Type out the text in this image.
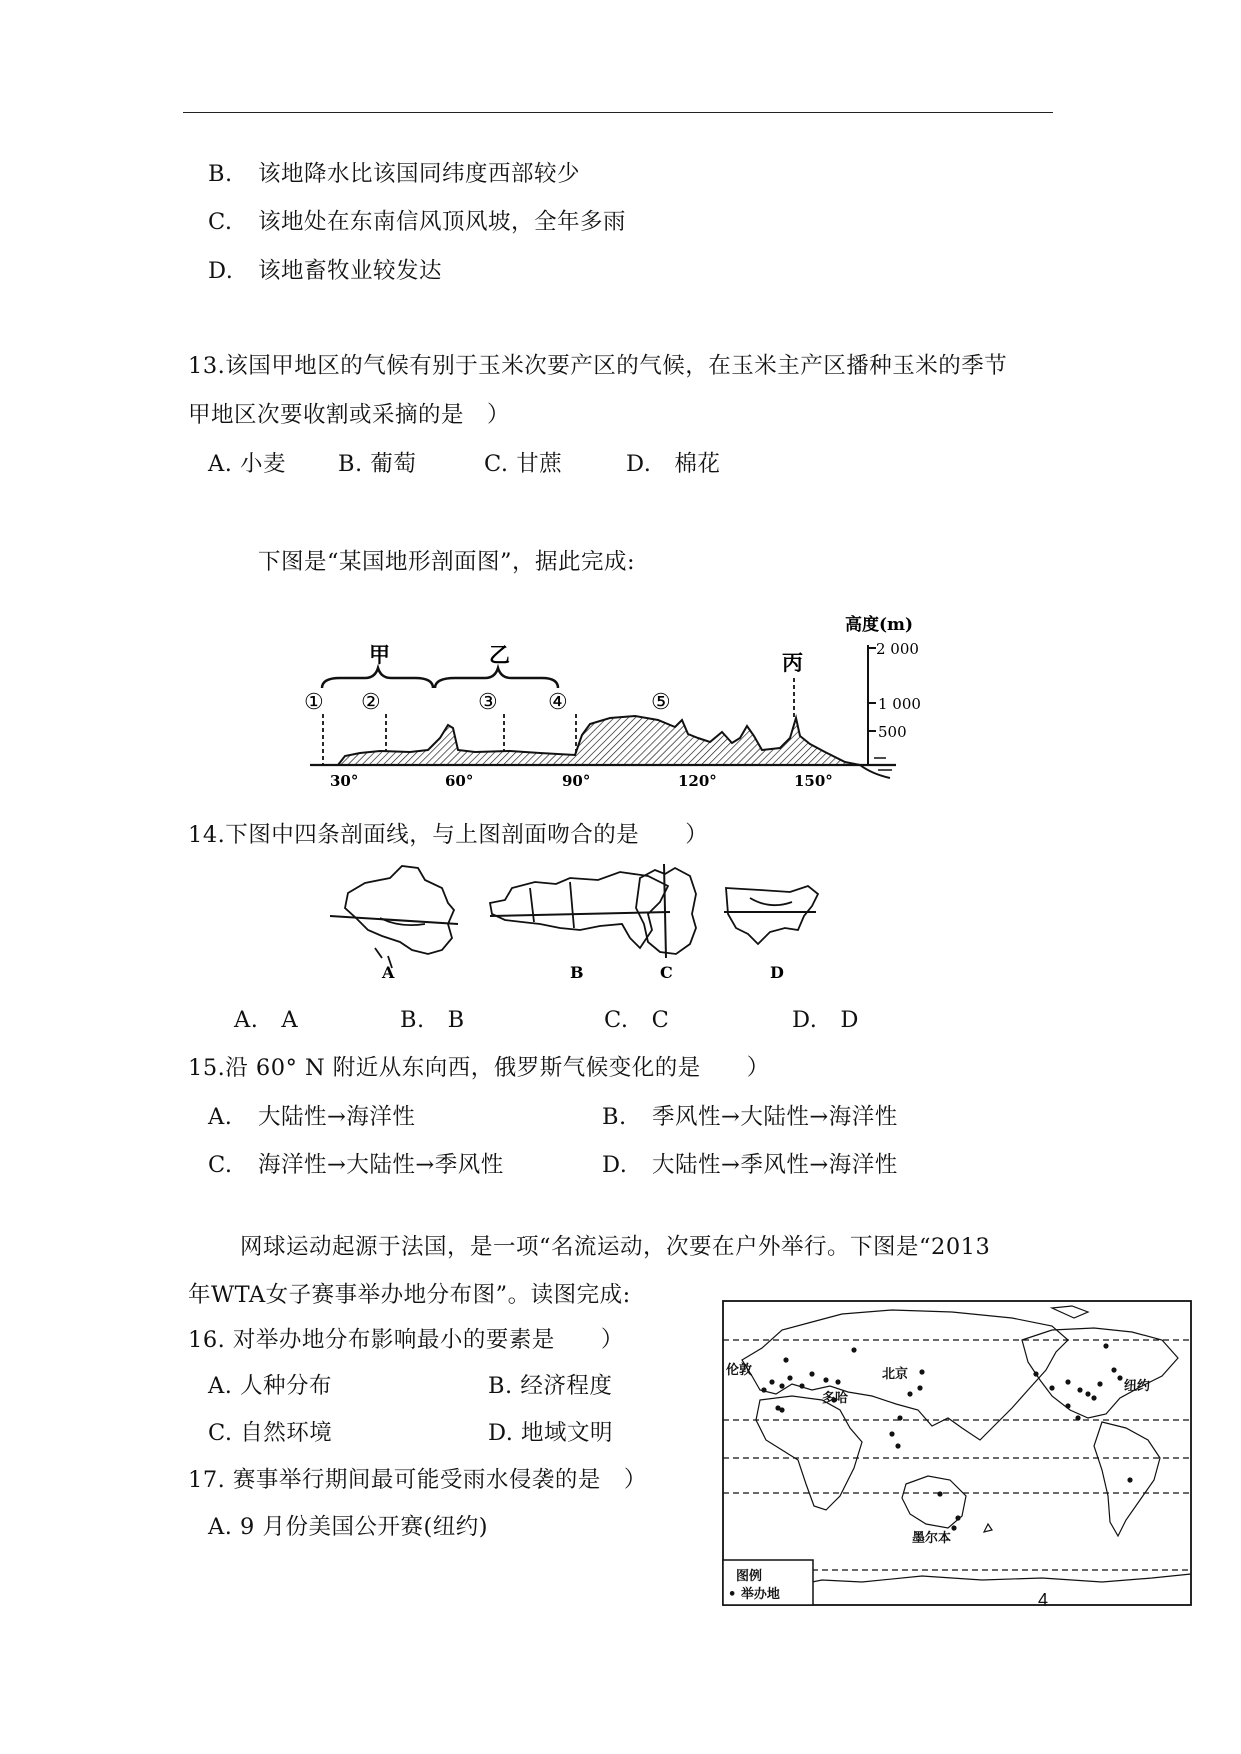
B. 该地降水比该国同纬度西部较少
C. 该地处在东南信风顶风坡，全年多雨
D. 该地畜牧业较发达
13.该国甲地区的气候有别于玉米次要产区的气候，在玉米主产区播种玉米的季节
甲地区次要收割或采摘的是　）
A. 小麦 B. 葡萄	C. 甘蔗	D.　棉花
下图是“某国地形剖面图”，据此完成:
高度(m)
2 000
1 000
500
甲	乙	丙
① ②	③ ④	⑤
30°	60°	90°	120°	150°
14.下图中四条剖面线，与上图剖面吻合的是　　）
A	B	C	D
A.　A	B.　B	C.　C	D.　D
15.沿 60° N 附近从东向西，俄罗斯气候变化的是　　）
A. 大陆性→海洋性	B. 季风性→大陆性→海洋性
C. 海洋性→大陆性→季风性	D. 大陆性→季风性→海洋性
网球运动起源于法国，是一项“名流运动，次要在户外举行。下图是“2013
年WTA女子赛事举办地分布图”。读图完成:
16. 对举办地分布影响最小的要素是　　）
A. 人种分布	B. 经济程度
C. 自然环境	D. 地域文明
17. 赛事举行期间最可能受雨水侵袭的是　）
A. 9 月份美国公开赛(纽约)
伦敦	北京
多哈
纽约
墨尔本
图例
• 举办地	4
